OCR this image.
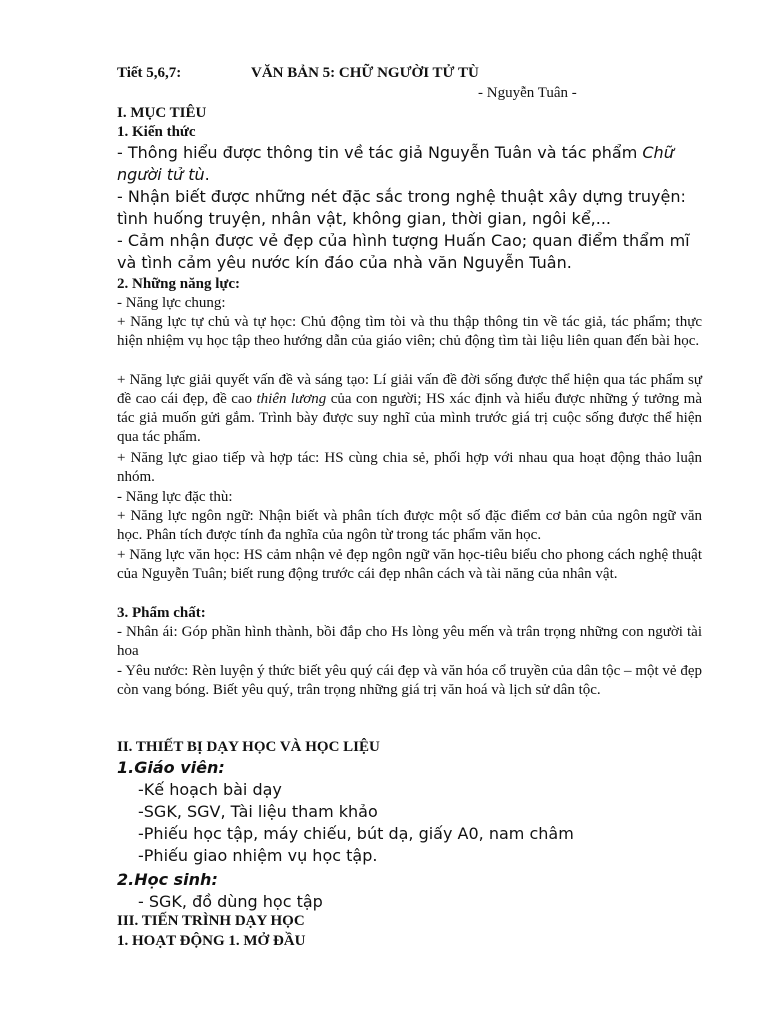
Tiết 5,6,7:	VĂN BẢN 5: CHỮ NGƯỜI TỬ TÙ
- Nguyễn Tuân -
I. MỤC TIÊU
1. Kiến thức

- Thông hiểu được thông tin về tác giả Nguyễn Tuân và tác phẩm Chữ người tử tù.

- Nhận biết được những nét đặc sắc trong nghệ thuật xây dựng truyện: tình huống truyện, nhân vật, không gian, thời gian, ngôi kể,...

- Cảm nhận được vẻ đẹp của hình tượng Huấn Cao; quan điểm thẩm mĩ và tình cảm yêu nước kín đáo của nhà văn Nguyễn Tuân.

2. Những năng lực:
- Năng lực chung:

+ Năng lực tự chủ và tự học: Chủ động tìm tòi và thu thập thông tin về tác giả, tác phẩm; thực hiện nhiệm vụ học tập theo hướng dẫn của giáo viên; chủ động tìm tài liệu liên quan đến bài học.

+ Năng lực giải quyết vấn đề và sáng tạo: Lí giải vấn đề đời sống được thể hiện qua tác phẩm sự đề cao cái đẹp, đề cao thiên lương của con người; HS xác định và hiểu được những ý tưởng mà tác giả muốn gửi gắm. Trình bày được suy nghĩ của mình trước giá trị cuộc sống được thể hiện qua tác phẩm.

+ Năng lực giao tiếp và hợp tác: HS cùng chia sẻ, phối hợp với nhau qua hoạt động thảo luận nhóm.

- Năng lực đặc thù:

+ Năng lực ngôn ngữ: Nhận biết và phân tích được một số đặc điểm cơ bản của ngôn ngữ văn học. Phân tích được tính đa nghĩa của ngôn từ trong tác phẩm văn học.

+ Năng lực văn học: HS cảm nhận vẻ đẹp ngôn ngữ văn học-tiêu biểu cho phong cách nghệ thuật của Nguyễn Tuân; biết rung động trước cái đẹp nhân cách và tài năng của nhân vật.

3. Phẩm chất:

- Nhân ái: Góp phần hình thành, bồi đắp cho Hs lòng yêu mến và trân trọng những con người tài hoa

- Yêu nước: Rèn luyện ý thức biết yêu quý cái đẹp và văn hóa cổ truyền của dân tộc – một vẻ đẹp còn vang bóng. Biết yêu quý, trân trọng những giá trị văn hoá và lịch sử dân tộc.

II. THIẾT BỊ DẠY HỌC VÀ HỌC LIỆU
1.Giáo viên:
-Kế hoạch bài dạy
-SGK, SGV, Tài liệu tham khảo
-Phiếu học tập, máy chiếu, bút dạ, giấy A0, nam châm
-Phiếu giao nhiệm vụ học tập.
2.Học sinh:
- SGK, đồ dùng học tập
III. TIẾN TRÌNH DẠY HỌC
1. HOẠT ĐỘNG 1. MỞ ĐẦU
